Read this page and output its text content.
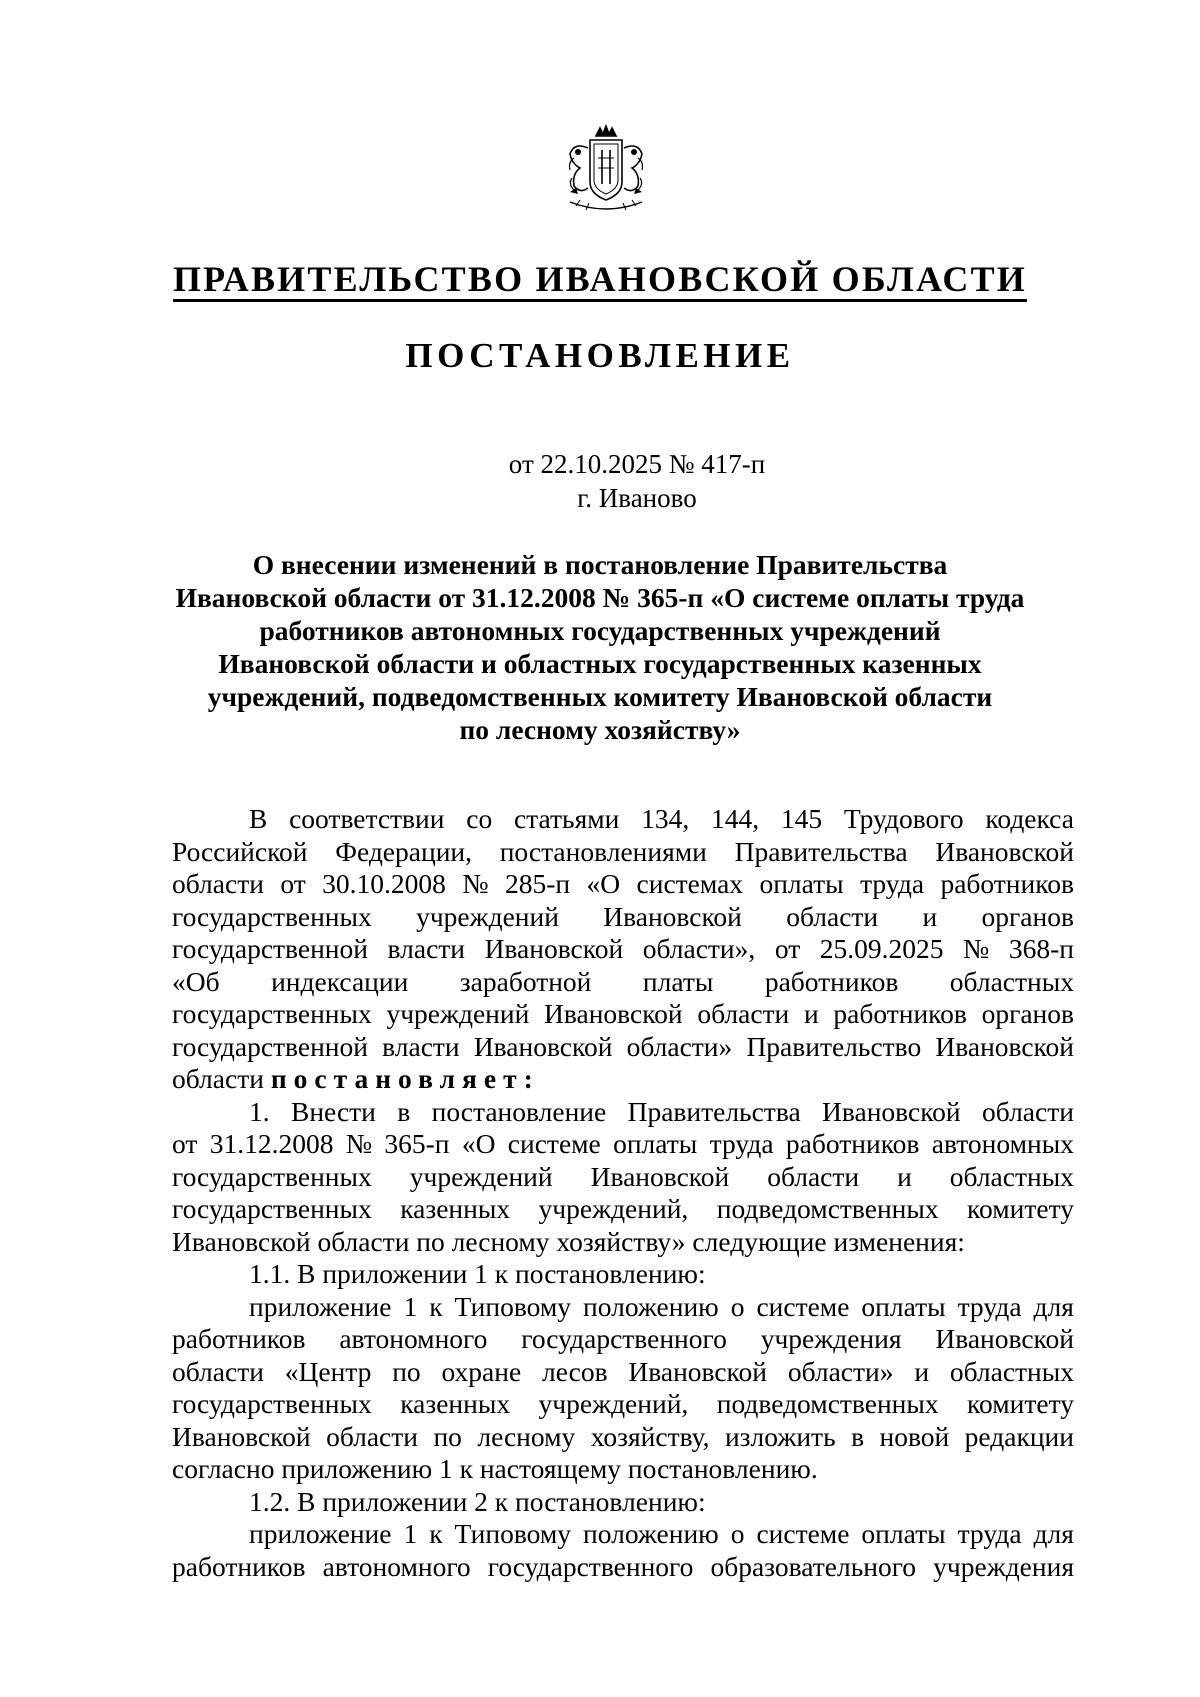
ПРАВИТЕЛЬСТВО ИВАНОВСКОЙ ОБЛАСТИ
ПОСТАНОВЛЕНИЕ
от 22.10.2025 № 417-п
г. Иваново
О внесении изменений в постановление Правительства
Ивановской области от 31.12.2008 № 365-п «О системе оплаты труда
работников автономных государственных учреждений
Ивановской области и областных государственных казенных
учреждений, подведомственных комитету Ивановской области
по лесному хозяйству»
В соответствии со статьями 134, 144, 145 Трудового кодекса
Российской Федерации, постановлениями Правительства Ивановской
области от 30.10.2008 № 285-п «О системах оплаты труда работников
государственных учреждений Ивановской области и органов
государственной власти Ивановской области», от 25.09.2025 № 368-п
«Об индексации заработной платы работников областных
государственных учреждений Ивановской области и работников органов
государственной власти Ивановской области» Правительство Ивановской
области постановляет:
1. Внести в постановление Правительства Ивановской области
от 31.12.2008 № 365-п «О системе оплаты труда работников автономных
государственных учреждений Ивановской области и областных
государственных казенных учреждений, подведомственных комитету
Ивановской области по лесному хозяйству» следующие изменения:
1.1. В приложении 1 к постановлению:
приложение 1 к Типовому положению о системе оплаты труда для
работников автономного государственного учреждения Ивановской
области «Центр по охране лесов Ивановской области» и областных
государственных казенных учреждений, подведомственных комитету
Ивановской области по лесному хозяйству, изложить в новой редакции
согласно приложению 1 к настоящему постановлению.
1.2. В приложении 2 к постановлению:
приложение 1 к Типовому положению о системе оплаты труда для
работников автономного государственного образовательного учреждения
